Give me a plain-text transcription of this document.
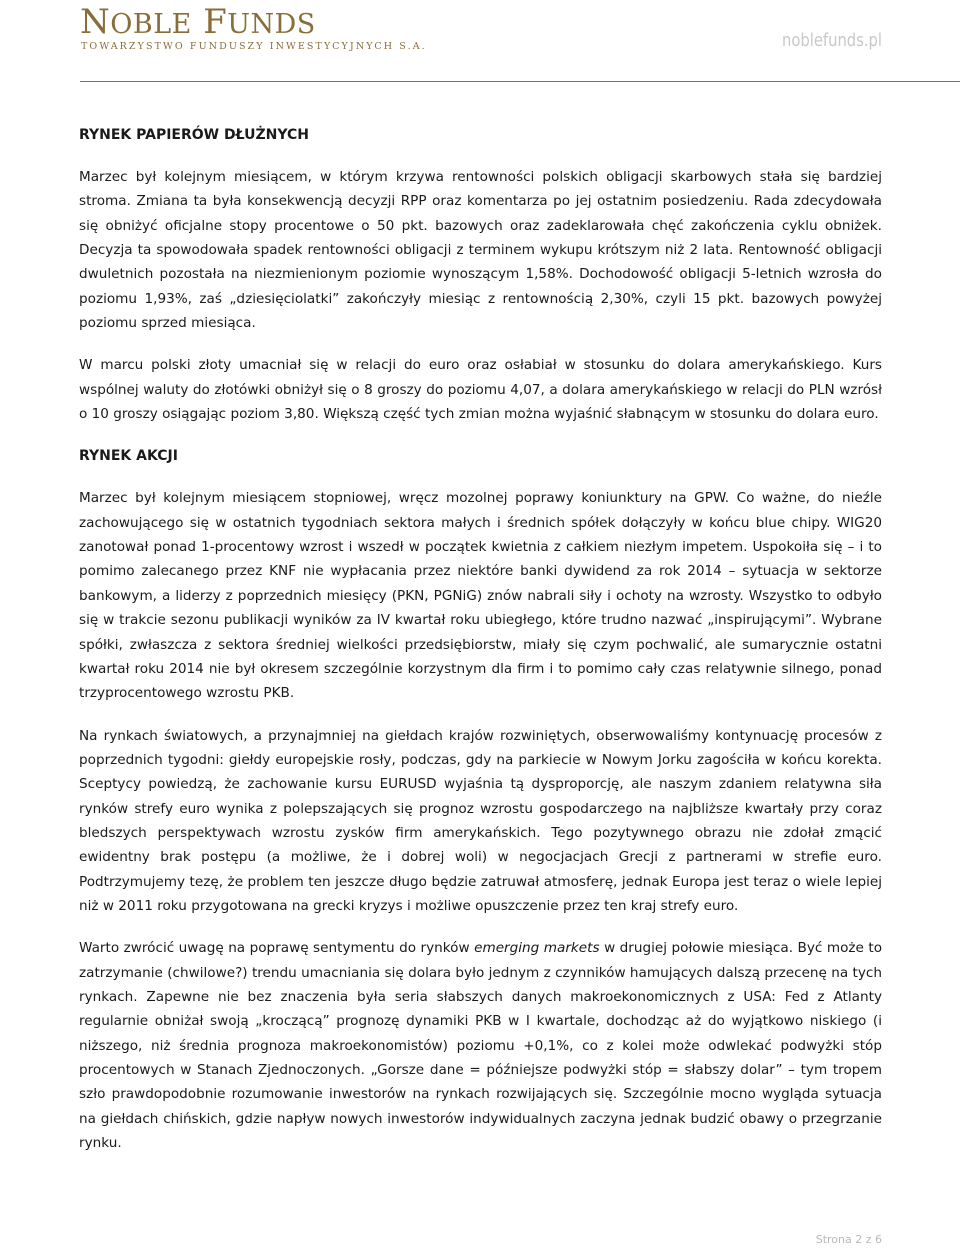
NOBLE FUNDS
TOWARZYSTWO FUNDUSZY INWESTYCYJNYCH S.A.	noblefunds.pl
RYNEK PAPIERÓW DŁUŻNYCH

Marzec był kolejnym miesiącem, w którym krzywa rentowności polskich obligacji skarbowych stała się bardziej stroma. Zmiana ta była konsekwencją decyzji RPP oraz komentarza po jej ostatnim posiedzeniu. Rada zdecydowała się obniżyć oficjalne stopy procentowe o 50 pkt. bazowych oraz zadeklarowała chęć zakończenia cyklu obniżek. Decyzja ta spowodowała spadek rentowności obligacji z terminem wykupu krótszym niż 2 lata. Rentowność obligacji dwuletnich pozostała na niezmienionym poziomie wynoszącym 1,58%. Dochodowość obligacji 5-letnich wzrosła do poziomu 1,93%, zaś „dziesięciolatki” zakończyły miesiąc z rentownością 2,30%, czyli 15 pkt. bazowych powyżej poziomu sprzed miesiąca.

W marcu polski złoty umacniał się w relacji do euro oraz osłabiał w stosunku do dolara amerykańskiego. Kurs wspólnej waluty do złotówki obniżył się o 8 groszy do poziomu 4,07, a dolara amerykańskiego w relacji do PLN wzrósł o 10 groszy osiągając poziom 3,80. Większą część tych zmian można wyjaśnić słabnącym w stosunku do dolara euro.

RYNEK AKCJI

Marzec był kolejnym miesiącem stopniowej, wręcz mozolnej poprawy koniunktury na GPW. Co ważne, do nieźle zachowującego się w ostatnich tygodniach sektora małych i średnich spółek dołączyły w końcu blue chipy. WIG20 zanotował ponad 1-procentowy wzrost i wszedł w początek kwietnia z całkiem niezłym impetem. Uspokoiła się – i to pomimo zalecanego przez KNF nie wypłacania przez niektóre banki dywidend za rok 2014 – sytuacja w sektorze bankowym, a liderzy z poprzednich miesięcy (PKN, PGNiG) znów nabrali siły i ochoty na wzrosty. Wszystko to odbyło się w trakcie sezonu publikacji wyników za IV kwartał roku ubiegłego, które trudno nazwać „inspirującymi”. Wybrane spółki, zwłaszcza z sektora średniej wielkości przedsiębiorstw, miały się czym pochwalić, ale sumarycznie ostatni kwartał roku 2014 nie był okresem szczególnie korzystnym dla firm i to pomimo cały czas relatywnie silnego, ponad trzyprocentowego wzrostu PKB.

Na rynkach światowych, a przynajmniej na giełdach krajów rozwiniętych, obserwowaliśmy kontynuację procesów z poprzednich tygodni: giełdy europejskie rosły, podczas, gdy na parkiecie w Nowym Jorku zagościła w końcu korekta. Sceptycy powiedzą, że zachowanie kursu EURUSD wyjaśnia tą dysproporcję, ale naszym zdaniem relatywna siła rynków strefy euro wynika z polepszających się prognoz wzrostu gospodarczego na najbliższe kwartały przy coraz bledszych perspektywach wzrostu zysków firm amerykańskich. Tego pozytywnego obrazu nie zdołał zmącić ewidentny brak postępu (a możliwe, że i dobrej woli) w negocjacjach Grecji z partnerami w strefie euro. Podtrzymujemy tezę, że problem ten jeszcze długo będzie zatruwał atmosferę, jednak Europa jest teraz o wiele lepiej niż w 2011 roku przygotowana na grecki kryzys i możliwe opuszczenie przez ten kraj strefy euro.

Warto zwrócić uwagę na poprawę sentymentu do rynków emerging markets w drugiej połowie miesiąca. Być może to zatrzymanie (chwilowe?) trendu umacniania się dolara było jednym z czynników hamujących dalszą przecenę na tych rynkach. Zapewne nie bez znaczenia była seria słabszych danych makroekonomicznych z USA: Fed z Atlanty regularnie obniżał swoją „kroczącą” prognozę dynamiki PKB w I kwartale, dochodząc aż do wyjątkowo niskiego (i niższego, niż średnia prognoza makroekonomistów) poziomu +0,1%, co z kolei może odwlekać podwyżki stóp procentowych w Stanach Zjednoczonych. „Gorsze dane = późniejsze podwyżki stóp = słabszy dolar” – tym tropem szło prawdopodobnie rozumowanie inwestorów na rynkach rozwijających się. Szczególnie mocno wygląda sytuacja na giełdach chińskich, gdzie napływ nowych inwestorów indywidualnych zaczyna jednak budzić obawy o przegrzanie rynku.

Strona 2 z 6
